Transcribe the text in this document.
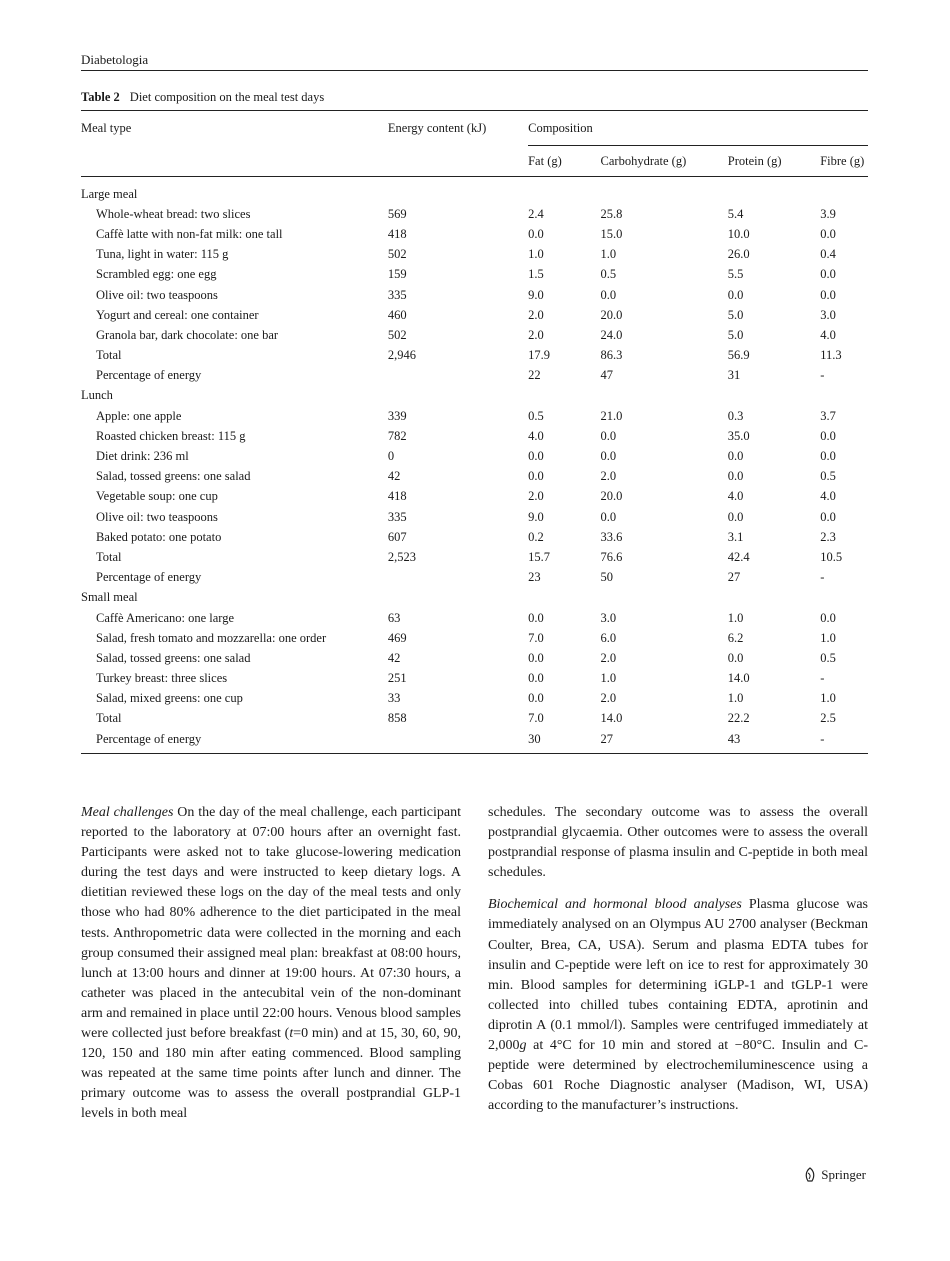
Diabetologia
Table 2 Diet composition on the meal test days
Meal type	Energy content (kJ)	Composition			
		Fat (g)	Carbohydrate (g)	Protein (g)	Fibre (g)
Large meal					
Whole-wheat bread: two slices	569	2.4	25.8	5.4	3.9
Caffè latte with non-fat milk: one tall	418	0.0	15.0	10.0	0.0
Tuna, light in water: 115 g	502	1.0	1.0	26.0	0.4
Scrambled egg: one egg	159	1.5	0.5	5.5	0.0
Olive oil: two teaspoons	335	9.0	0.0	0.0	0.0
Yogurt and cereal: one container	460	2.0	20.0	5.0	3.0
Granola bar, dark chocolate: one bar	502	2.0	24.0	5.0	4.0
Total	2,946	17.9	86.3	56.9	11.3
Percentage of energy		22	47	31	-
Lunch					
Apple: one apple	339	0.5	21.0	0.3	3.7
Roasted chicken breast: 115 g	782	4.0	0.0	35.0	0.0
Diet drink: 236 ml	0	0.0	0.0	0.0	0.0
Salad, tossed greens: one salad	42	0.0	2.0	0.0	0.5
Vegetable soup: one cup	418	2.0	20.0	4.0	4.0
Olive oil: two teaspoons	335	9.0	0.0	0.0	0.0
Baked potato: one potato	607	0.2	33.6	3.1	2.3
Total	2,523	15.7	76.6	42.4	10.5
Percentage of energy		23	50	27	-
Small meal					
Caffè Americano: one large	63	0.0	3.0	1.0	0.0
Salad, fresh tomato and mozzarella: one order	469	7.0	6.0	6.2	1.0
Salad, tossed greens: one salad	42	0.0	2.0	0.0	0.5
Turkey breast: three slices	251	0.0	1.0	14.0	-
Salad, mixed greens: one cup	33	0.0	2.0	1.0	1.0
Total	858	7.0	14.0	22.2	2.5
Percentage of energy		30	27	43	-

Meal challenges On the day of the meal challenge, each participant reported to the laboratory at 07:00 hours after an overnight fast. Participants were asked not to take glucose-lowering medication during the test days and were instructed to keep dietary logs. A dietitian reviewed these logs on the day of the meal tests and only those who had 80% adherence to the diet participated in the meal tests. Anthropometric data were collected in the morning and each group consumed their assigned meal plan: breakfast at 08:00 hours, lunch at 13:00 hours and dinner at 19:00 hours. At 07:30 hours, a catheter was placed in the antecubital vein of the non-dominant arm and remained in place until 22:00 hours. Venous blood samples were collected just before breakfast (t=0 min) and at 15, 30, 60, 90, 120, 150 and 180 min after eating commenced. Blood sampling was repeated at the same time points after lunch and dinner. The primary outcome was to assess the overall postprandial GLP-1 levels in both meal

schedules. The secondary outcome was to assess the overall postprandial glycaemia. Other outcomes were to assess the overall postprandial response of plasma insulin and C-peptide in both meal schedules.

Biochemical and hormonal blood analyses Plasma glucose was immediately analysed on an Olympus AU 2700 analyser (Beckman Coulter, Brea, CA, USA). Serum and plasma EDTA tubes for insulin and C-peptide were left on ice to rest for approximately 30 min. Blood samples for determining iGLP-1 and tGLP-1 were collected into chilled tubes containing EDTA, aprotinin and diprotin A (0.1 mmol/l). Samples were centrifuged immediately at 2,000g at 4°C for 10 min and stored at −80°C. Insulin and C-peptide were determined by electrochemiluminescence using a Cobas 601 Roche Diagnostic analyser (Madison, WI, USA) according to the manufacturer’s instructions.

Springer
